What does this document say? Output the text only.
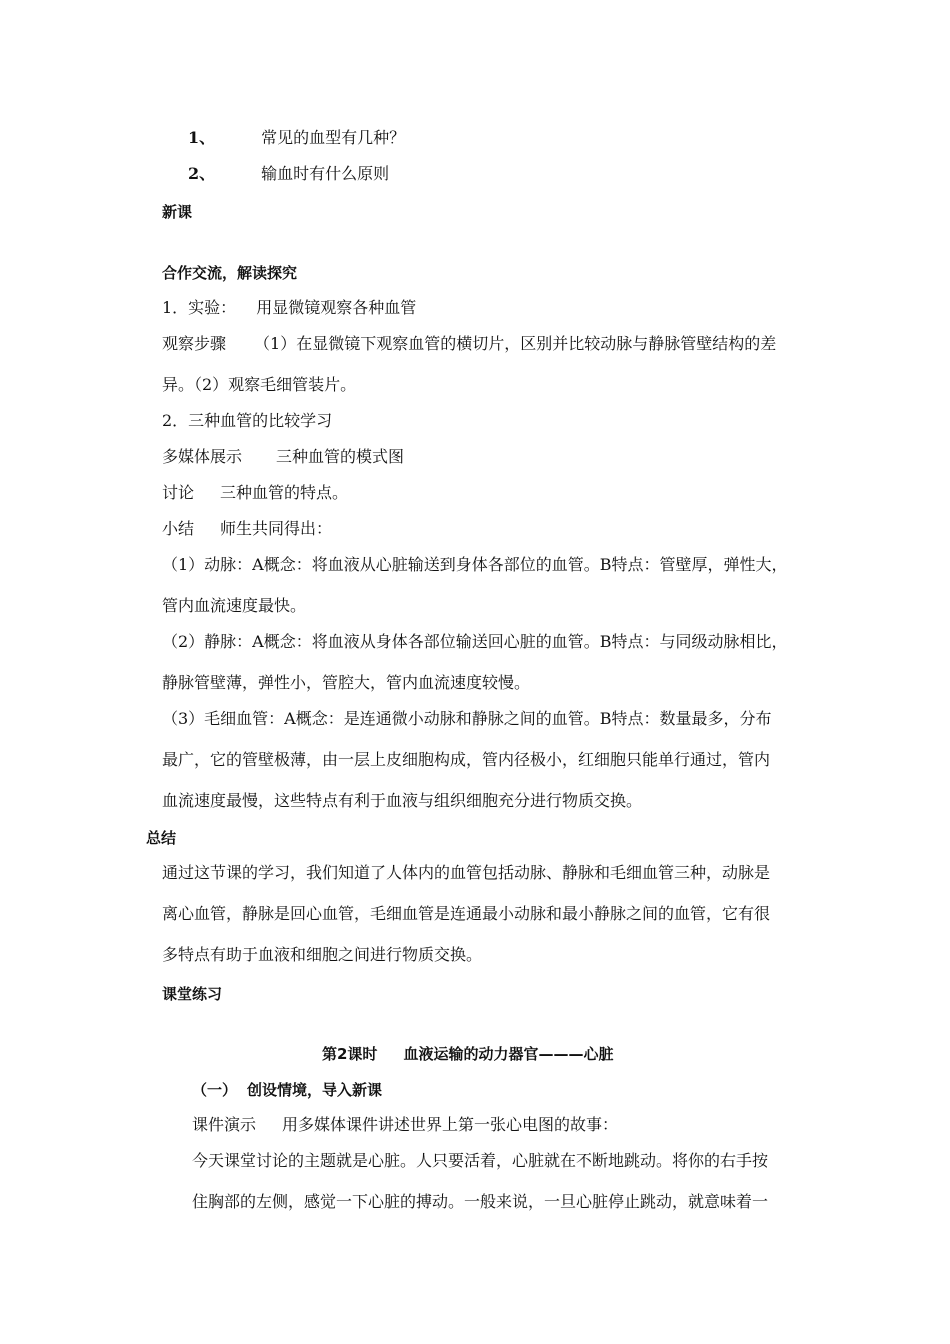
1、	常见的血型有几种？
2、	输血时有什么原则
新课
合作交流，解读探究
1．实验： 用显微镜观察各种血管
观察步骤 （1）在显微镜下观察血管的横切片，区别并比较动脉与静脉管壁结构的差
异。（2）观察毛细管装片。
2．三种血管的比较学习
多媒体展示 三种血管的模式图
讨论 三种血管的特点。
小结 师生共同得出：
（1）动脉：A概念：将血液从心脏输送到身体各部位的血管。B特点：管壁厚，弹性大，
管内血流速度最快。
（2）静脉：A概念：将血液从身体各部位输送回心脏的血管。B特点：与同级动脉相比，
静脉管壁薄，弹性小，管腔大，管内血流速度较慢。
（3）毛细血管：A概念：是连通微小动脉和静脉之间的血管。B特点：数量最多，分布
最广，它的管壁极薄，由一层上皮细胞构成，管内径极小，红细胞只能单行通过，管内
血流速度最慢，这些特点有利于血液与组织细胞充分进行物质交换。
总结
通过这节课的学习，我们知道了人体内的血管包括动脉、静脉和毛细血管三种，动脉是
离心血管，静脉是回心血管，毛细血管是连通最小动脉和最小静脉之间的血管，它有很
多特点有助于血液和细胞之间进行物质交换。
课堂练习
第2课时 血液运输的动力器官———心脏
（一） 创设情境，导入新课
课件演示 用多媒体课件讲述世界上第一张心电图的故事：
今天课堂讨论的主题就是心脏。人只要活着，心脏就在不断地跳动。将你的右手按
住胸部的左侧，感觉一下心脏的搏动。一般来说，一旦心脏停止跳动，就意味着一
